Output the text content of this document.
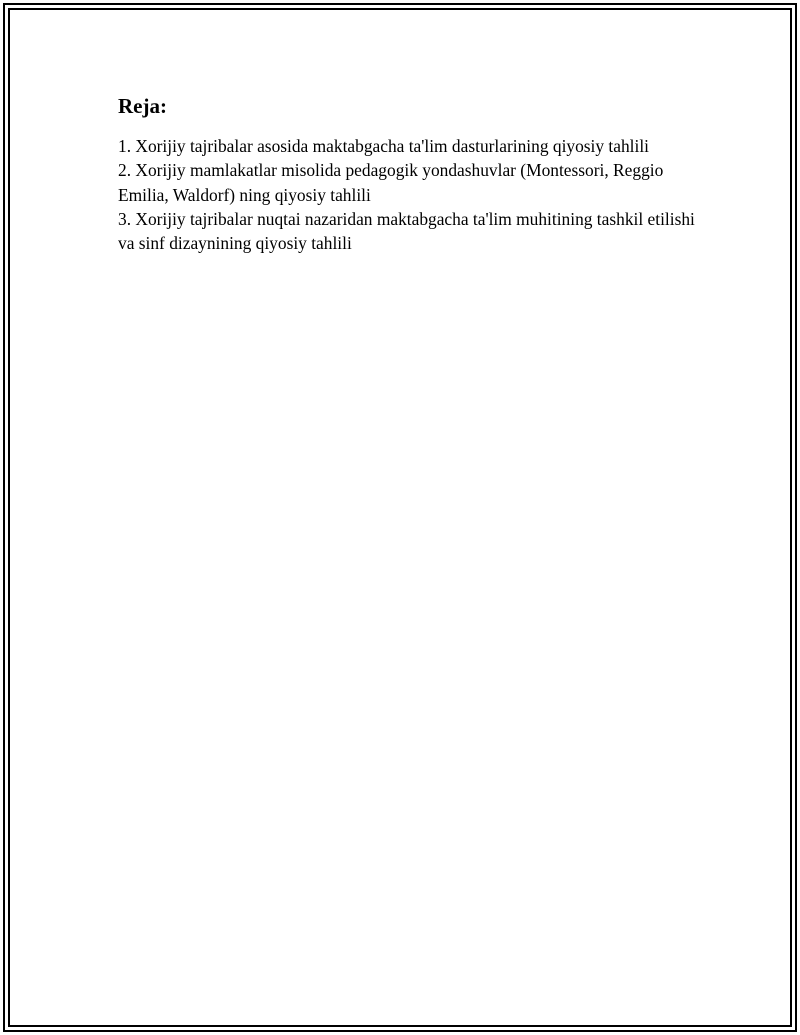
Reja:
1. Xorijiy tajribalar asosida maktabgacha ta'lim dasturlarining qiyosiy tahlili
2. Xorijiy mamlakatlar misolida pedagogik yondashuvlar (Montessori, Reggio Emilia, Waldorf) ning qiyosiy tahlili
3. Xorijiy tajribalar nuqtai nazaridan maktabgacha ta'lim muhitining tashkil etilishi va sinf dizaynining qiyosiy tahlili
